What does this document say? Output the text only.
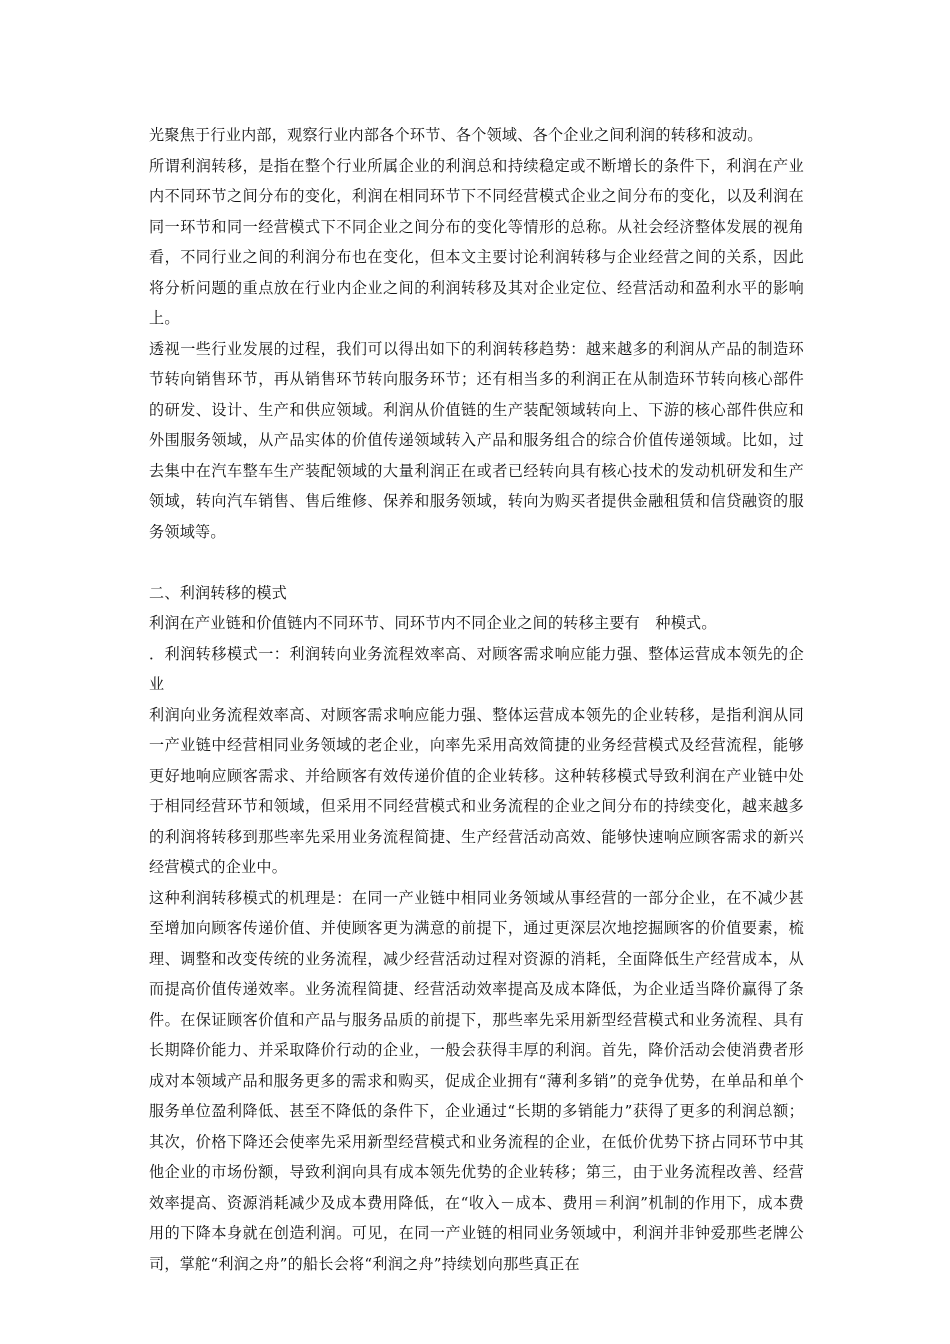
光聚焦于行业内部，观察行业内部各个环节、各个领域、各个企业之间利润的转移和波动。

所谓利润转移，是指在整个行业所属企业的利润总和持续稳定或不断增长的条件下，利润在产业内不同环节之间分布的变化，利润在相同环节下不同经营模式企业之间分布的变化，以及利润在同一环节和同一经营模式下不同企业之间分布的变化等情形的总称。从社会经济整体发展的视角看，不同行业之间的利润分布也在变化，但本文主要讨论利润转移与企业经营之间的关系，因此将分析问题的重点放在行业内企业之间的利润转移及其对企业定位、经营活动和盈利水平的影响上。

透视一些行业发展的过程，我们可以得出如下的利润转移趋势：越来越多的利润从产品的制造环节转向销售环节，再从销售环节转向服务环节；还有相当多的利润正在从制造环节转向核心部件的研发、设计、生产和供应领域。利润从价值链的生产装配领域转向上、下游的核心部件供应和外围服务领域，从产品实体的价值传递领域转入产品和服务组合的综合价值传递领域。比如，过去集中在汽车整车生产装配领域的大量利润正在或者已经转向具有核心技术的发动机研发和生产领域，转向汽车销售、售后维修、保养和服务领域，转向为购买者提供金融租赁和信贷融资的服务领域等。

二、利润转移的模式

利润在产业链和价值链内不同环节、同环节内不同企业之间的转移主要有　种模式。

．利润转移模式一：利润转向业务流程效率高、对顾客需求响应能力强、整体运营成本领先的企业

利润向业务流程效率高、对顾客需求响应能力强、整体运营成本领先的企业转移，是指利润从同一产业链中经营相同业务领域的老企业，向率先采用高效简捷的业务经营模式及经营流程，能够更好地响应顾客需求、并给顾客有效传递价值的企业转移。这种转移模式导致利润在产业链中处于相同经营环节和领域，但采用不同经营模式和业务流程的企业之间分布的持续变化，越来越多的利润将转移到那些率先采用业务流程简捷、生产经营活动高效、能够快速响应顾客需求的新兴经营模式的企业中。

这种利润转移模式的机理是：在同一产业链中相同业务领域从事经营的一部分企业，在不减少甚至增加向顾客传递价值、并使顾客更为满意的前提下，通过更深层次地挖掘顾客的价值要素，梳理、调整和改变传统的业务流程，减少经营活动过程对资源的消耗，全面降低生产经营成本，从而提高价值传递效率。业务流程简捷、经营活动效率提高及成本降低，为企业适当降价赢得了条件。在保证顾客价值和产品与服务品质的前提下，那些率先采用新型经营模式和业务流程、具有长期降价能力、并采取降价行动的企业，一般会获得丰厚的利润。首先，降价活动会使消费者形成对本领域产品和服务更多的需求和购买，促成企业拥有“薄利多销”的竞争优势，在单品和单个服务单位盈利降低、甚至不降低的条件下，企业通过“长期的多销能力”获得了更多的利润总额；其次，价格下降还会使率先采用新型经营模式和业务流程的企业，在低价优势下挤占同环节中其他企业的市场份额，导致利润向具有成本领先优势的企业转移；第三，由于业务流程改善、经营效率提高、资源消耗减少及成本费用降低，在“收入－成本、费用＝利润”机制的作用下，成本费用的下降本身就在创造利润。可见，在同一产业链的相同业务领域中，利润并非钟爱那些老牌公司，掌舵“利润之舟”的船长会将“利润之舟”持续划向那些真正在
